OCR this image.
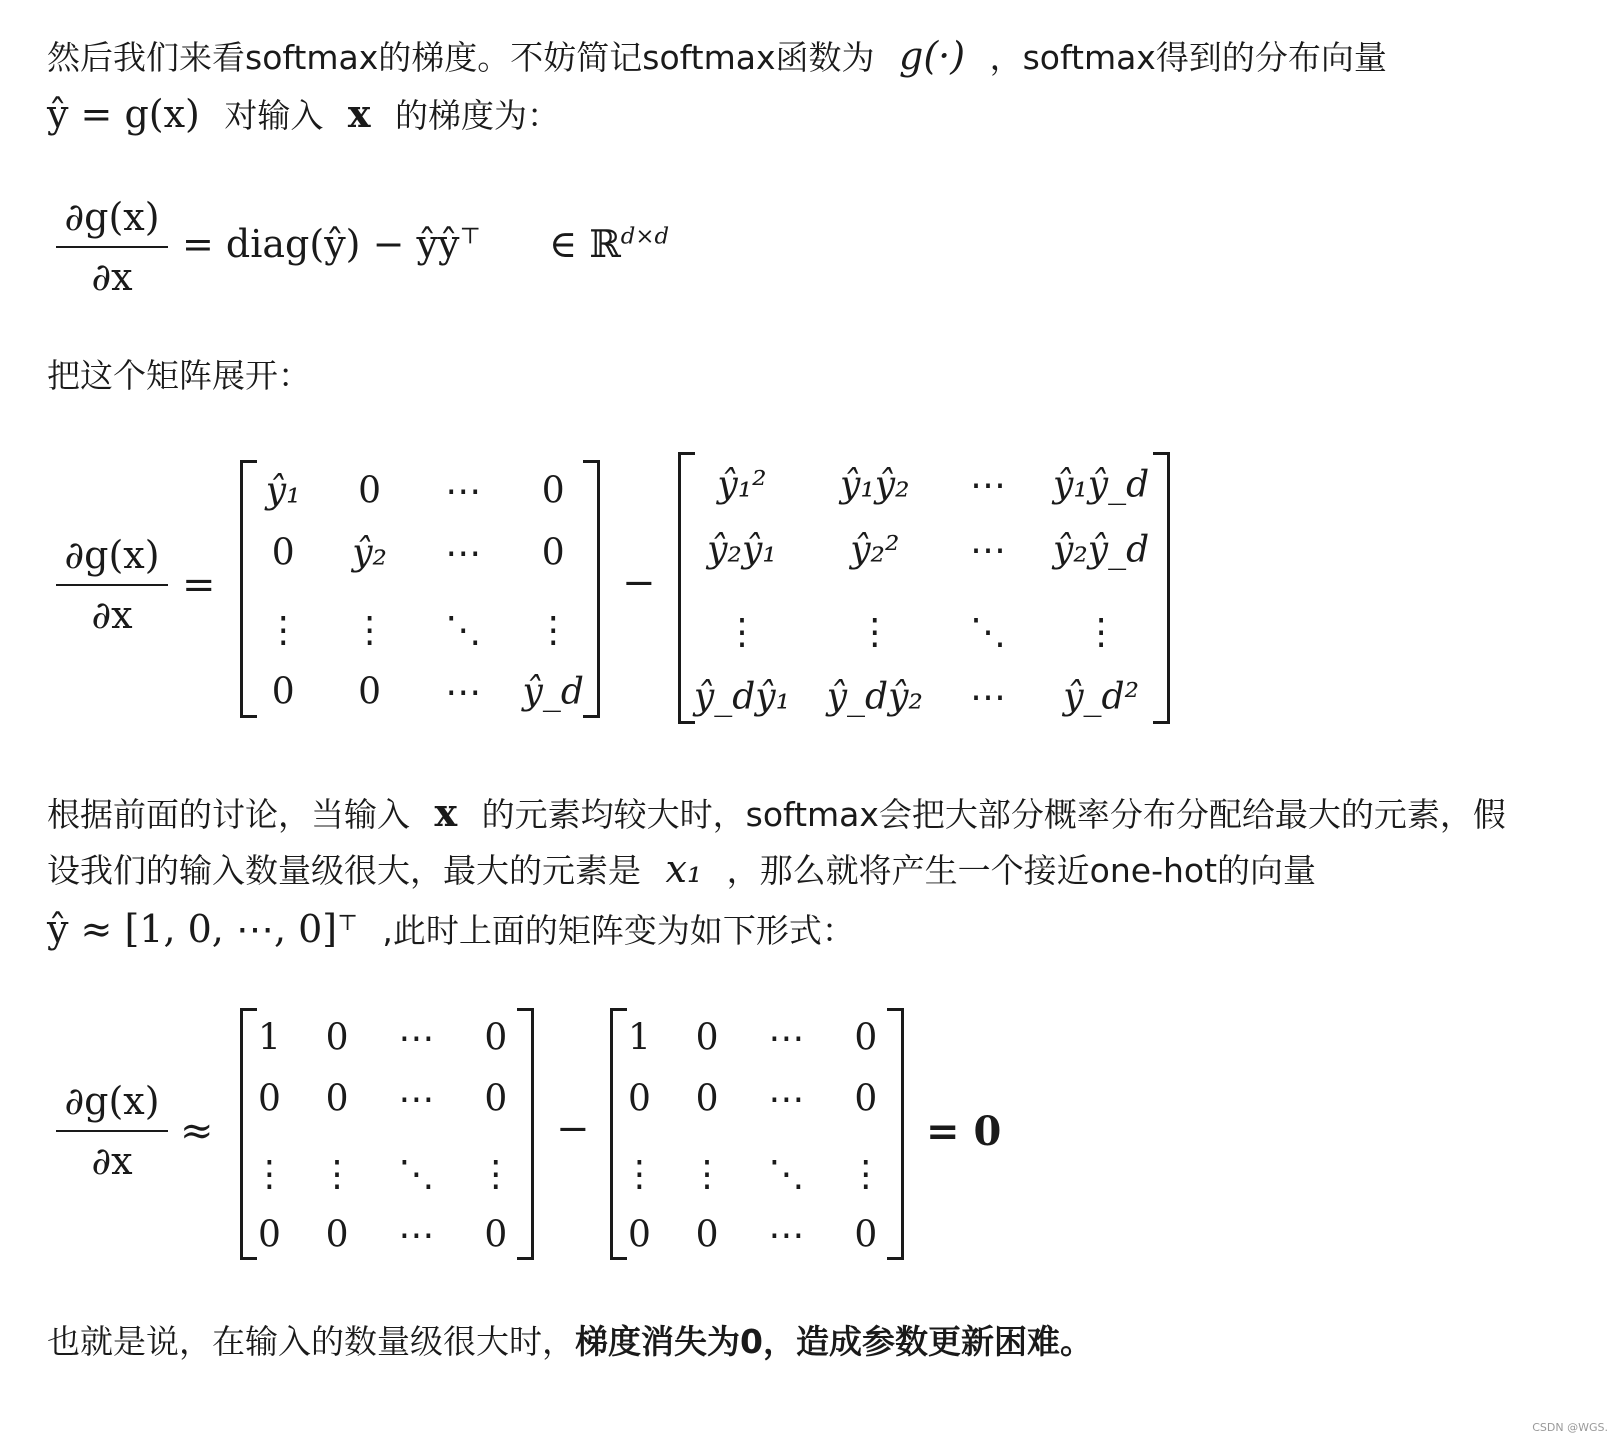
然后我们来看softmax的梯度。不妨简记softmax函数为 g(·) ，softmax得到的分布向量
ŷ = g(x) 对输入 x 的梯度为：
∂g(x)
∂x
= diag(ŷ) − ŷŷ⊤ ∈ ℝ$^{d\times d}$
把这个矩阵展开：
∂g(x)
∂x
=
ŷ₁ 0 ⋯ 0
0 ŷ₂ ⋯ 0
⋮ ⋮ ⋱ ⋮
0 0 ⋯ ŷ_d
−
ŷ₁² ŷ₁ŷ₂ ⋯ ŷ₁ŷ_d
ŷ₂ŷ₁ ŷ₂² ⋯ ŷ₂ŷ_d
⋮	⋮ ⋱ ⋮
ŷ_dŷ₁ ŷ_dŷ₂ ⋯ ŷ_d²
根据前面的讨论，当输入 x 的元素均较大时，softmax会把大部分概率分布分配给最大的元素，假
设我们的输入数量级很大，最大的元素是 x₁ ，那么就将产生一个接近one-hot的向量
ŷ ≈ [1, 0, ⋯, 0]⊤ ,此时上面的矩阵变为如下形式：
∂g(x)
∂x
≈
1 0 ⋯ 0
0 0 ⋯ 0
⋮ ⋮ ⋱ ⋮
0 0 ⋯ 0
−
1 0 ⋯ 0
0 0 ⋯ 0
⋮ ⋮ ⋱ ⋮
0 0 ⋯ 0
= 0
也就是说，在输入的数量级很大时，梯度消失为0，造成参数更新困难。
CSDN @WGS.
